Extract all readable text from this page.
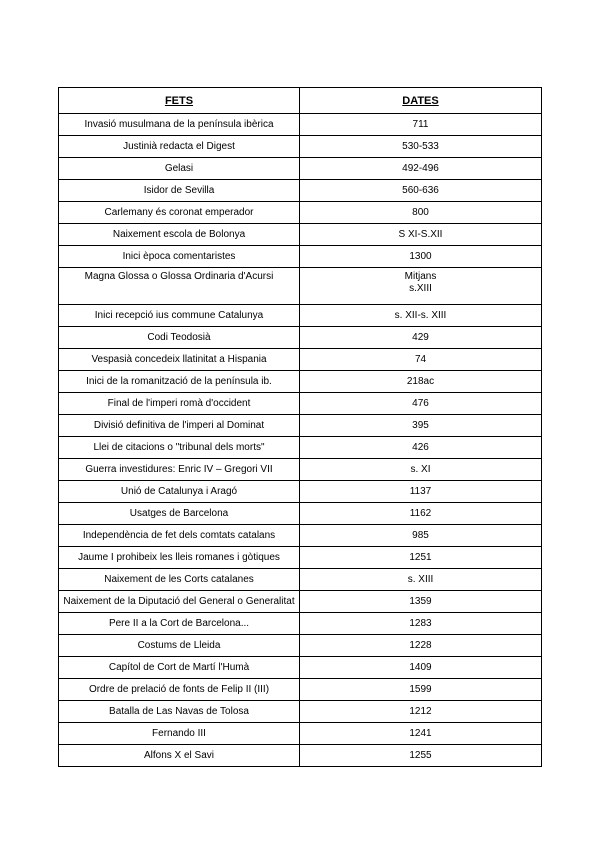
FETS	DATES
Invasió musulmana de la península ibèrica	711
Justinià redacta el Digest	530-533
Gelasi	492-496
Isidor de Sevilla	560-636
Carlemany és coronat emperador	800
Naixement escola de Bolonya	S XI-S.XII
Inici època comentaristes	1300
Magna Glossa o Glossa Ordinaria d'Acursi	Mitjans
s.XIII
Inici recepció ius commune Catalunya	s. XII-s. XIII
Codi Teodosià	429
Vespasià concedeix llatinitat a Hispania	74
Inici de la romanització de la península ib.	218ac
Final de l'imperi romà d'occident	476
Divisió definitiva de l'imperi al Dominat	395
Llei de citacions o "tribunal dels morts"	426
Guerra investidures: Enric IV – Gregori VII	s. XI
Unió de Catalunya i Aragó	1137
Usatges de Barcelona	1162
Independència de fet dels comtats catalans	985
Jaume I prohibeix les lleis romanes i gòtiques	1251
Naixement de les Corts catalanes	s. XIII
Naixement de la Diputació del General o Generalitat	1359
Pere II a la Cort de Barcelona...	1283
Costums de Lleida	1228
Capítol de Cort de Martí l'Humà	1409
Ordre de prelació de fonts de Felip II (III)	1599
Batalla de Las Navas de Tolosa	1212
Fernando III	1241
Alfons X el Savi	1255
